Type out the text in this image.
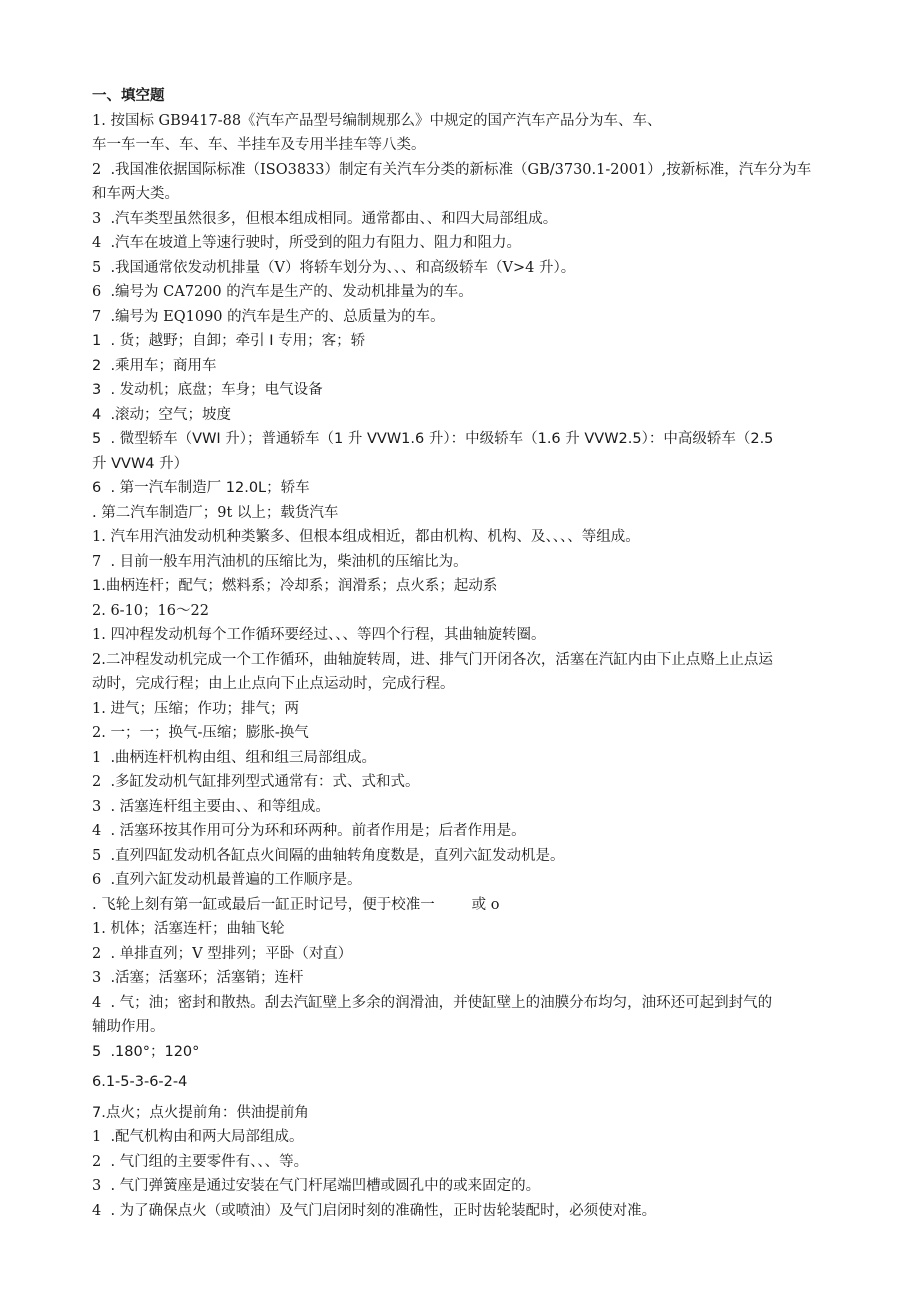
一、填空题
1. 按国标 GB9417-88《汽车产品型号编制规那么》中规定的国产汽车产品分为车、车、
车一车一车、车、车、半挂车及专用半挂车等八类。
2  .我国准依据国际标准（ISO3833）制定有关汽车分类的新标准（GB/3730.1-2001）,按新标准，汽车分为车
和车两大类。
3  .汽车类型虽然很多，但根本组成相同。通常都由、、和四大局部组成。
4  .汽车在坡道上等速行驶时，所受到的阻力有阻力、阻力和阻力。
5  .我国通常依发动机排量（V）将轿车划分为、、、和高级轿车（V>4 升）。
6  .编号为 CA7200 的汽车是生产的、发动机排量为的车。
7  .编号为 EQ1090 的汽车是生产的、总质量为的车。
1  . 货；越野；自卸；牵引 I 专用；客；轿
2  .乘用车；商用车
3  . 发动机；底盘；车身；电气设备
4  .滚动；空气；坡度
5  . 微型轿车（VWI 升）；普通轿车（1 升 VVW1.6 升）：中级轿车（1.6 升 VVW2.5）：中高级轿车（2.5
升 VVW4 升）
6  . 第一汽车制造厂 12.0L；轿车
. 第二汽车制造厂；9t 以上；载货汽车
1. 汽车用汽油发动机种类繁多、但根本组成相近，都由机构、机构、及、、、、等组成。
7  . 目前一般车用汽油机的压缩比为，柴油机的压缩比为。
1.曲柄连杆；配气；燃料系；冷却系；润滑系；点火系；起动系
2. 6-10；16～22
1. 四冲程发动机每个工作循环要经过、、、等四个行程，其曲轴旋转圈。
2.二冲程发动机完成一个工作循环，曲轴旋转周，进、排气门开闭各次，活塞在汽缸内由下止点赂上止点运
动时，完成行程；由上止点向下止点运动时，完成行程。
1. 进气；压缩；作功；排气；两
2. 一；一；换气-压缩；膨胀-换气
1  .曲柄连杆机构由组、组和组三局部组成。
2  .多缸发动机气缸排列型式通常有：式、式和式。
3  . 活塞连杆组主要由、、和等组成。
4  . 活塞环按其作用可分为环和环两种。前者作用是；后者作用是。
5  .直列四缸发动机各缸点火间隔的曲轴转角度数是，直列六缸发动机是。
6  .直列六缸发动机最普遍的工作顺序是。
. 飞轮上刻有第一缸或最后一缸正时记号，便于校准一        或 o
1. 机体；活塞连杆；曲轴飞轮
2  . 单排直列；V 型排列；平卧（对直）
3  .活塞；活塞环；活塞销；连杆
4  . 气；油；密封和散热。刮去汽缸壁上多余的润滑油，并使缸壁上的油膜分布均匀，油环还可起到封气的
辅助作用。
5  .180°；120°
6.1-5-3-6-2-4
7.点火；点火提前角：供油提前角
1  .配气机构由和两大局部组成。
2  . 气门组的主要零件有、、、等。
3  . 气门弹簧座是通过安装在气门杆尾端凹槽或圆孔中的或来固定的。
4  . 为了确保点火（或喷油）及气门启闭时刻的准确性，正时齿轮装配时，必须使对准。
